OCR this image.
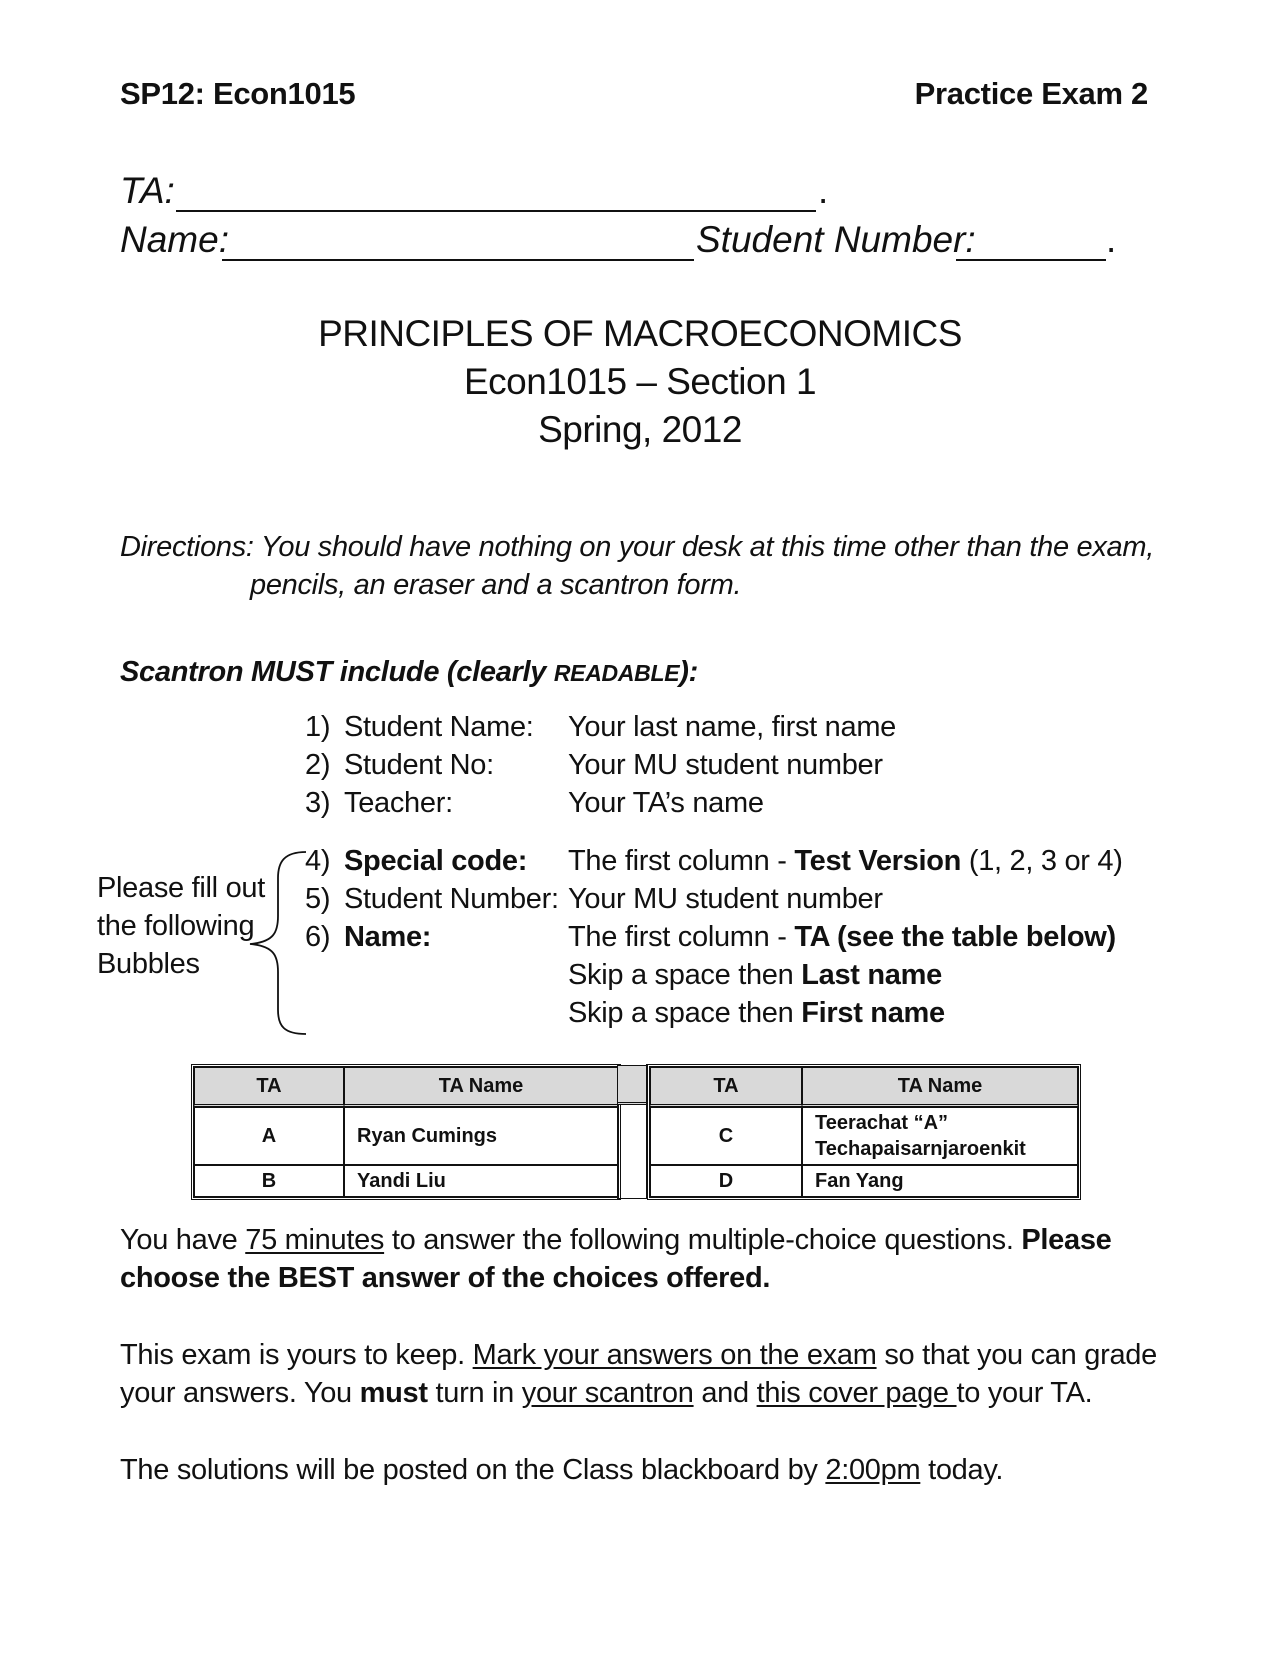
SP12: Econ1015	Practice Exam 2
TA:	.
Name:	Student Number:	.
PRINCIPLES OF MACROECONOMICS
Econ1015 – Section 1
Spring, 2012
Directions: You should have nothing on your desk at this time other than the exam,
pencils, an eraser and a scantron form.
Scantron MUST include (clearly READABLE):
1) Student Name: Your last name, first name
2) Student No:	Your MU student number
3) Teacher:	Your TA’s name
4) Special code: The first column - Test Version (1, 2, 3 or 4)
5) Student Number: Your MU student number
6) Name:	The first column - TA (see the table below)
Skip a space then Last name
Skip a space then First name
Please fill out
the following
Bubbles
TA	TA Name
A	Ryan Cumings
B	Yandi Liu
TA	TA Name
C	Teerachat “A”
Techapaisarnjaroenkit

D	Fan Yang
You have 75 minutes to answer the following multiple-choice questions. Please
choose the BEST answer of the choices offered.
This exam is yours to keep. Mark your answers on the exam so that you can grade
your answers. You must turn in your scantron and this cover page to your TA.
The solutions will be posted on the Class blackboard by 2:00pm today.
